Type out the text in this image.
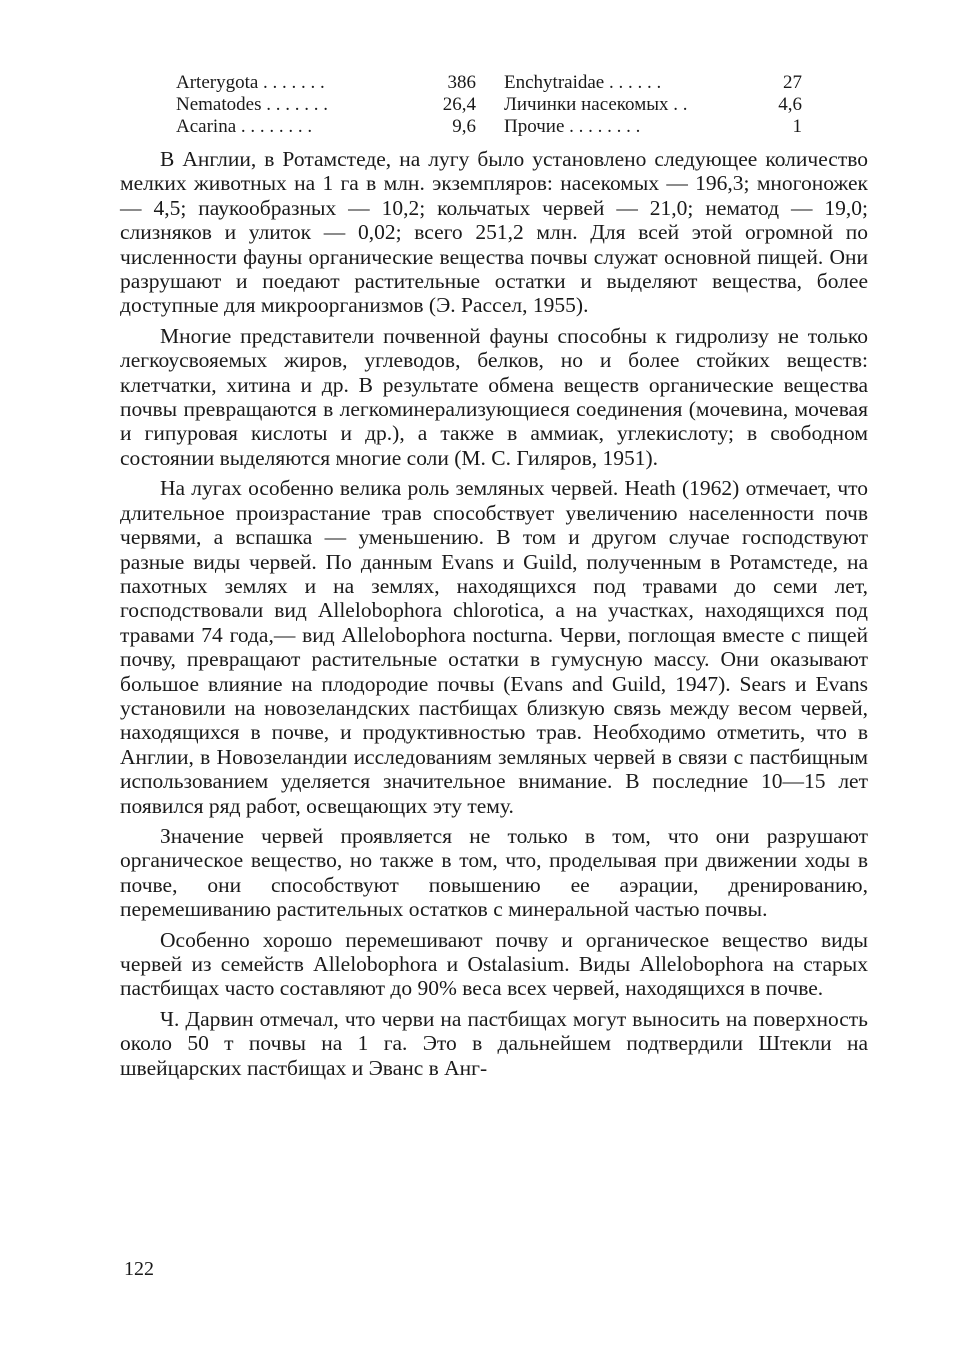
Arterygota . . . . . . .	386	Enchytraidae . . . . . .	27
Nematodes . . . . . . .	26,4	Личинки насекомых . .	4,6
Acarina . . . . . . . .	9,6	Прочие . . . . . . . .	1

В Англии, в Ротамстеде, на лугу было установлено следующее количество мелких животных на 1 га в млн. экземпляров: насекомых — 196,3; многоножек — 4,5; паукообразных — 10,2; кольчатых червей — 21,0; нематод — 19,0; слизняков и улиток — 0,02; всего 251,2 млн. Для всей этой огромной по численности фауны органические вещества почвы служат основной пищей. Они разрушают и поедают растительные остатки и выделяют вещества, более доступные для микроорганизмов (Э. Рассел, 1955).

Многие представители почвенной фауны способны к гидролизу не только легкоусвояемых жиров, углеводов, белков, но и более стойких веществ: клетчатки, хитина и др. В результате обмена веществ органические вещества почвы превращаются в легкоминерализующиеся соединения (мочевина, мочевая и гипуровая кислоты и др.), а также в аммиак, углекислоту; в свободном состоянии выделяются многие соли (М. С. Гиляров, 1951).

На лугах особенно велика роль земляных червей. Heath (1962) отмечает, что длительное произрастание трав способствует увеличению населенности почв червями, а вспашка — уменьшению. В том и другом случае господствуют разные виды червей. По данным Evans и Guild, полученным в Ротамстеде, на пахотных землях и на землях, находящихся под травами до семи лет, господствовали вид Allelobophora chlorotica, а на участках, находящихся под травами 74 года,— вид Allelobophora nocturna. Черви, поглощая вместе с пищей почву, превращают растительные остатки в гумусную массу. Они оказывают большое влияние на плодородие почвы (Evans and Guild, 1947). Sears и Evans установили на новозеландских пастбищах близкую связь между весом червей, находящихся в почве, и продуктивностью трав. Необходимо отметить, что в Англии, в Новозеландии исследованиям земляных червей в связи с пастбищным использованием уделяется значительное внимание. В последние 10—15 лет появился ряд работ, освещающих эту тему.

Значение червей проявляется не только в том, что они разрушают органическое вещество, но также в том, что, проделывая при движении ходы в почве, они способствуют повышению ее аэрации, дренированию, перемешиванию растительных остатков с минеральной частью почвы.

Особенно хорошо перемешивают почву и органическое вещество виды червей из семейств Allelobophora и Ostalasium. Виды Allelobophora на старых пастбищах часто составляют до 90% веса всех червей, находящихся в почве.

Ч. Дарвин отмечал, что черви на пастбищах могут выносить на поверхность около 50 т почвы на 1 га. Это в дальнейшем подтвердили Штекли на швейцарских пастбищах и Эванс в Анг-

122
